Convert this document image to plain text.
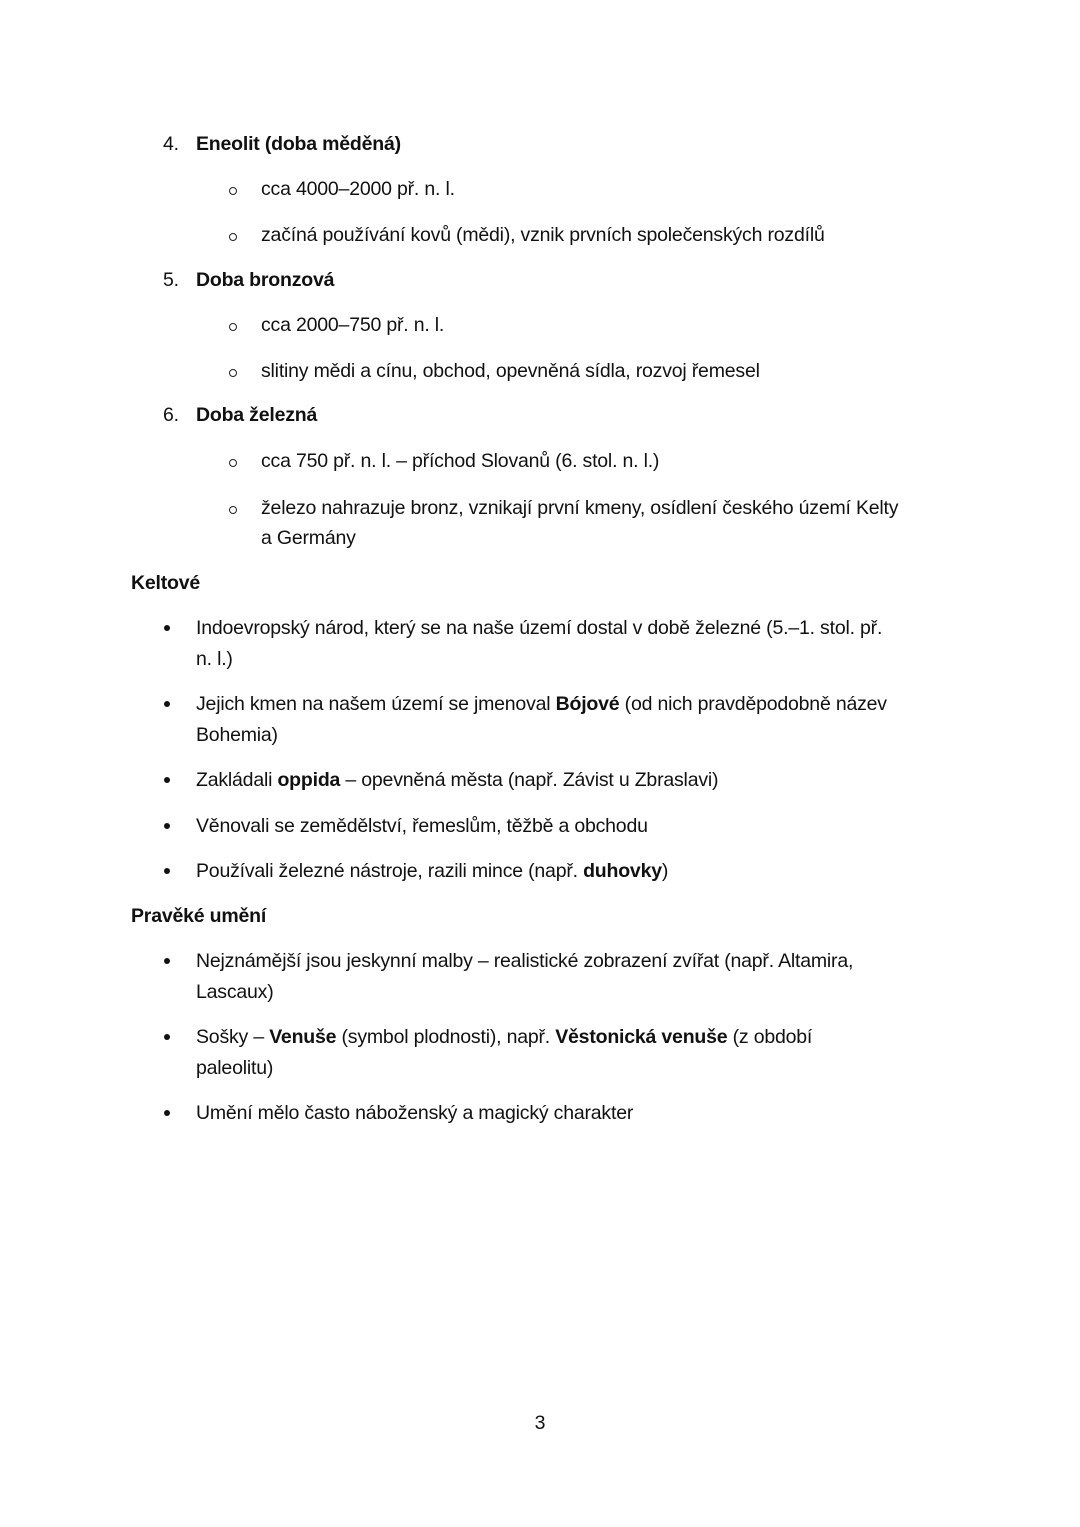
4. Eneolit (doba měděná)
cca 4000–2000 př. n. l.
začíná používání kovů (mědi), vznik prvních společenských rozdílů
5. Doba bronzová
cca 2000–750 př. n. l.
slitiny mědi a cínu, obchod, opevněná sídla, rozvoj řemesel
6. Doba železná
cca 750 př. n. l. – příchod Slovanů (6. stol. n. l.)
železo nahrazuje bronz, vznikají první kmeny, osídlení českého území Kelty
a Germány
Keltové
Indoevropský národ, který se na naše území dostal v době železné (5.–1. stol. př.
n. l.)
Jejich kmen na našem území se jmenoval Bójové (od nich pravděpodobně název
Bohemia)
Zakládali oppida – opevněná města (např. Závist u Zbraslavi)
Věnovali se zemědělství, řemeslům, těžbě a obchodu
Používali železné nástroje, razili mince (např. duhovky)
Pravěké umění
Nejznámější jsou jeskynní malby – realistické zobrazení zvířat (např. Altamira,
Lascaux)
Sošky – Venuše (symbol plodnosti), např. Věstonická venuše (z období
paleolitu)
Umění mělo často náboženský a magický charakter
3
